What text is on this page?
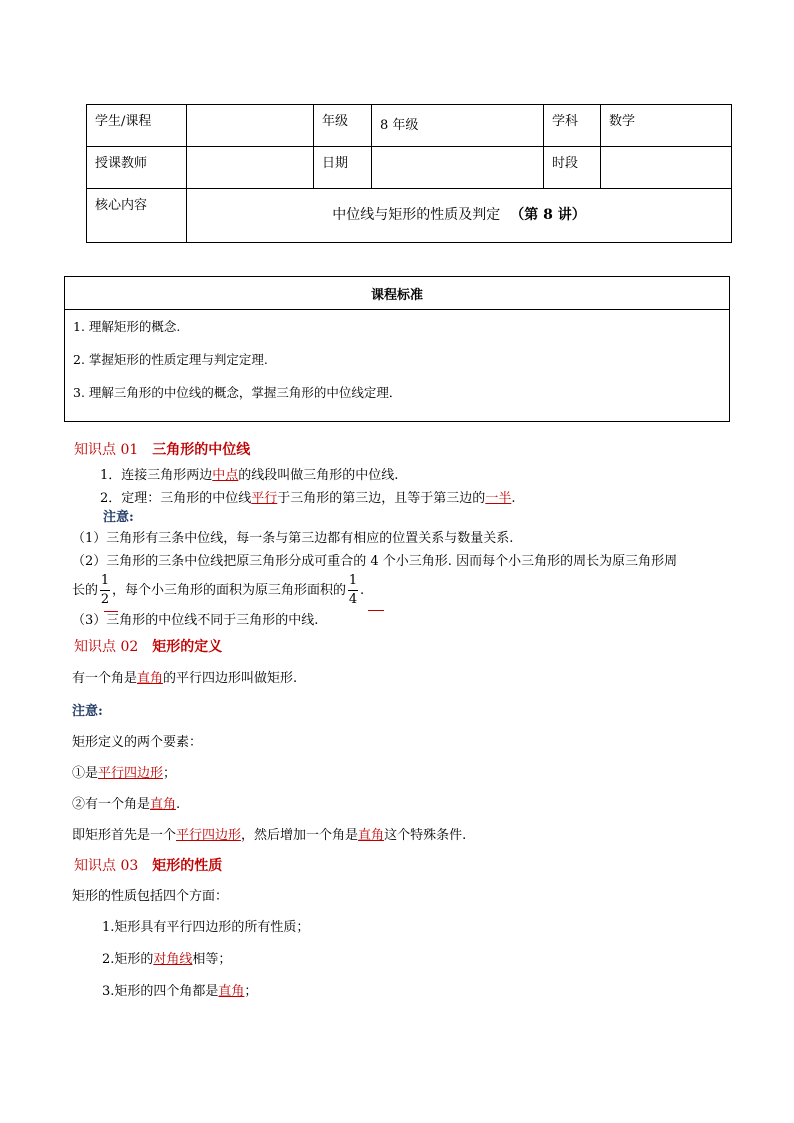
学生/课程		年级	8 年级	学科	数学
授课教师		日期		时段	
核心内容	中位线与矩形的性质及判定 （第 8 讲）				
课程标准

1. 理解矩形的概念.
2. 掌握矩形的性质定理与判定定理.
3. 理解三角形的中位线的概念，掌握三角形的中位线定理．
知识点 01 三角形的中位线
1．连接三角形两边中点的线段叫做三角形的中位线.
2．定理：三角形的中位线平行于三角形的第三边，且等于第三边的一半.
注意:
（1）三角形有三条中位线，每一条与第三边都有相应的位置关系与数量关系.
（2）三角形的三条中位线把原三角形分成可重合的 4 个小三角形. 因而每个小三角形的周长为原三角形周
长的 $\frac{1}{2}$ ，每个小三角形的面积为原三角形面积的 $\frac{1}{4}$ .
（3）三角形的中位线不同于三角形的中线.
知识点 02 矩形的定义
有一个角是直角的平行四边形叫做矩形.
注意:
矩形定义的两个要素：
①是平行四边形；
②有一个角是直角.
即矩形首先是一个平行四边形，然后增加一个角是直角这个特殊条件.
知识点 03 矩形的性质
矩形的性质包括四个方面：
1.矩形具有平行四边形的所有性质；
2.矩形的对角线相等；
3.矩形的四个角都是直角；
